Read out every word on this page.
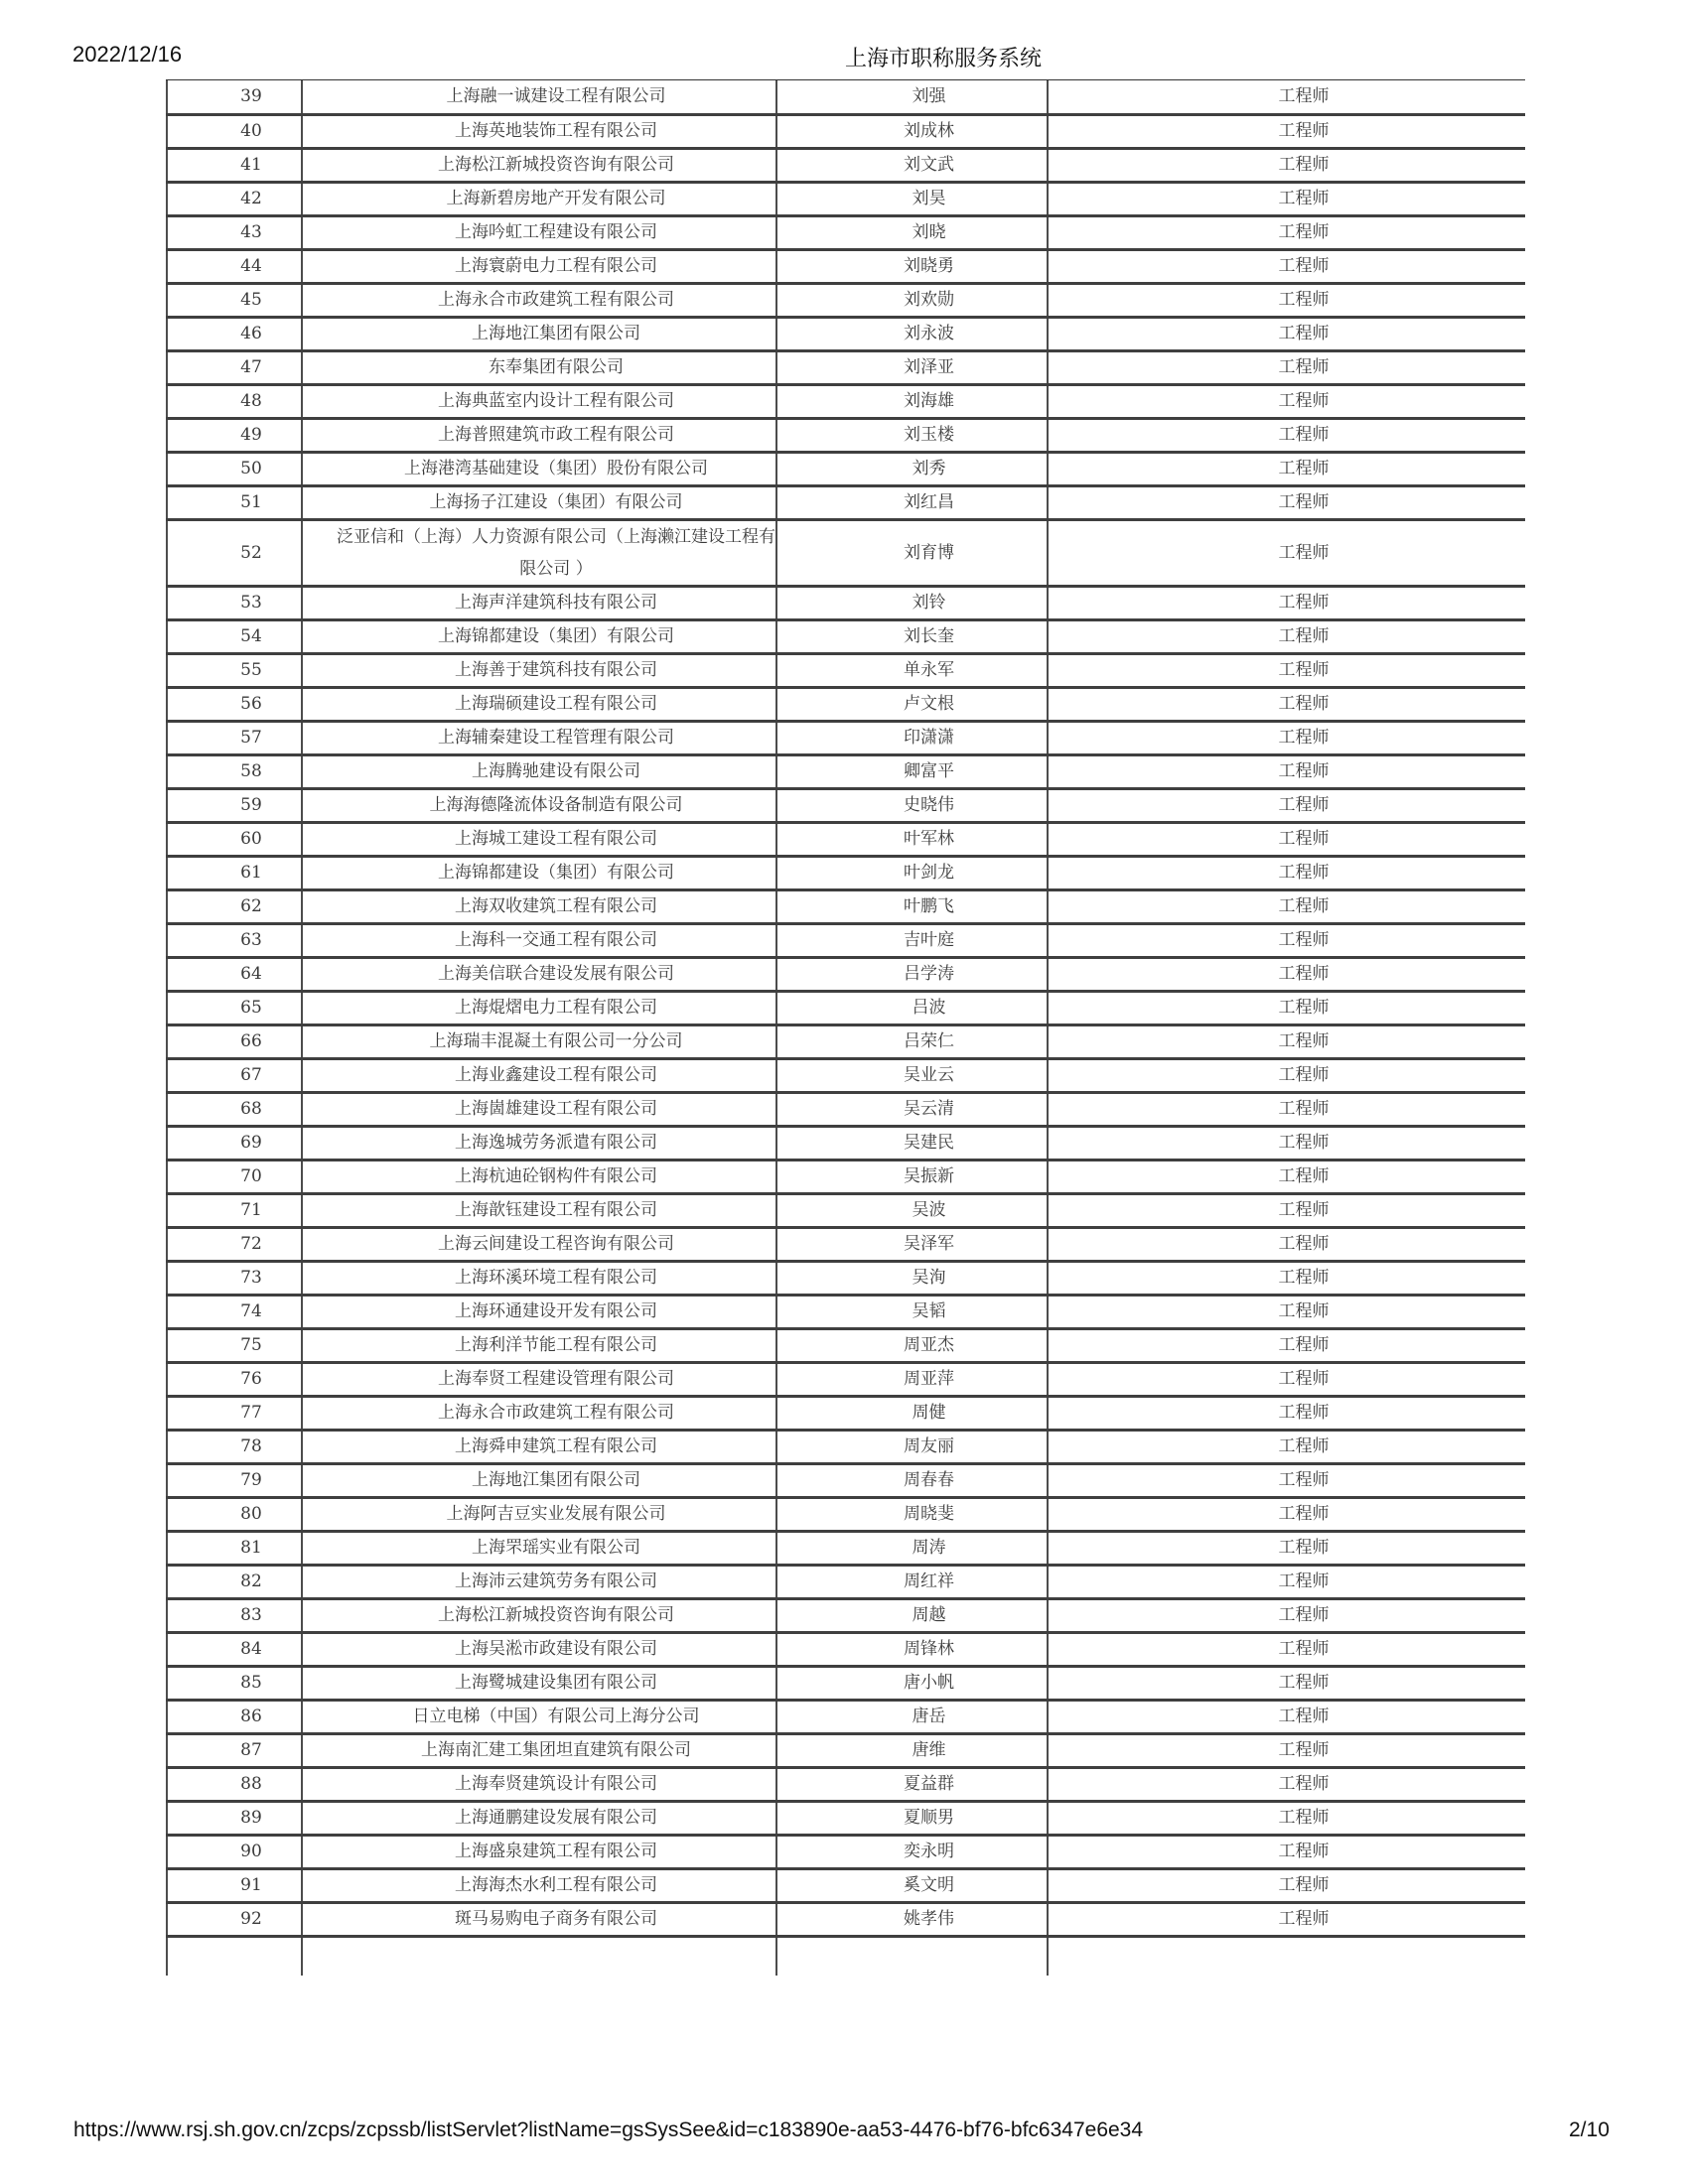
2022/12/16	上海市职称服务系统
39	上海融一诚建设工程有限公司	刘强	工程师
40	上海英地装饰工程有限公司	刘成林	工程师
41	上海松江新城投资咨询有限公司	刘文武	工程师
42	上海新碧房地产开发有限公司	刘昊	工程师
43	上海吟虹工程建设有限公司	刘晓	工程师
44	上海寰蔚电力工程有限公司	刘晓勇	工程师
45	上海永合市政建筑工程有限公司	刘欢勋	工程师
46	上海地江集团有限公司	刘永波	工程师
47	东奉集团有限公司	刘泽亚	工程师
48	上海典蓝室内设计工程有限公司	刘海雄	工程师
49	上海普照建筑市政工程有限公司	刘玉楼	工程师
50	上海港湾基础建设（集团）股份有限公司	刘秀	工程师
51	上海扬子江建设（集团）有限公司	刘红昌	工程师
52	泛亚信和（上海）人力资源有限公司（上海濑江建设工程有限公司 ）	刘育博	工程师
53	上海声洋建筑科技有限公司	刘铃	工程师
54	上海锦都建设（集团）有限公司	刘长奎	工程师
55	上海善于建筑科技有限公司	单永军	工程师
56	上海瑞硕建设工程有限公司	卢文根	工程师
57	上海辅秦建设工程管理有限公司	印潇潇	工程师
58	上海腾驰建设有限公司	卿富平	工程师
59	上海海德隆流体设备制造有限公司	史晓伟	工程师
60	上海城工建设工程有限公司	叶军林	工程师
61	上海锦都建设（集团）有限公司	叶剑龙	工程师
62	上海双收建筑工程有限公司	叶鹏飞	工程师
63	上海科一交通工程有限公司	吉叶庭	工程师
64	上海美信联合建设发展有限公司	吕学涛	工程师
65	上海焜熠电力工程有限公司	吕波	工程师
66	上海瑞丰混凝土有限公司一分公司	吕荣仁	工程师
67	上海业鑫建设工程有限公司	吴业云	工程师
68	上海崮雄建设工程有限公司	吴云清	工程师
69	上海逸城劳务派遣有限公司	吴建民	工程师
70	上海杭迪砼钢构件有限公司	吴振新	工程师
71	上海歆钰建设工程有限公司	吴波	工程师
72	上海云间建设工程咨询有限公司	吴泽军	工程师
73	上海环溪环境工程有限公司	吴洵	工程师
74	上海环通建设开发有限公司	吴韬	工程师
75	上海利洋节能工程有限公司	周亚杰	工程师
76	上海奉贤工程建设管理有限公司	周亚萍	工程师
77	上海永合市政建筑工程有限公司	周健	工程师
78	上海舜申建筑工程有限公司	周友丽	工程师
79	上海地江集团有限公司	周春春	工程师
80	上海阿吉豆实业发展有限公司	周晓斐	工程师
81	上海罘瑶实业有限公司	周涛	工程师
82	上海沛云建筑劳务有限公司	周红祥	工程师
83	上海松江新城投资咨询有限公司	周越	工程师
84	上海吴淞市政建设有限公司	周锋林	工程师
85	上海鹭城建设集团有限公司	唐小帆	工程师
86	日立电梯（中国）有限公司上海分公司	唐岳	工程师
87	上海南汇建工集团坦直建筑有限公司	唐维	工程师
88	上海奉贤建筑设计有限公司	夏益群	工程师
89	上海通鹏建设发展有限公司	夏顺男	工程师
90	上海盛泉建筑工程有限公司	奕永明	工程师
91	上海海杰水利工程有限公司	奚文明	工程师
92	斑马易购电子商务有限公司	姚孝伟	工程师

https://www.rsj.sh.gov.cn/zcps/zcpssb/listServlet?listName=gsSysSee&id=c183890e-aa53-4476-bf76-bfc6347e6e34	2/10
